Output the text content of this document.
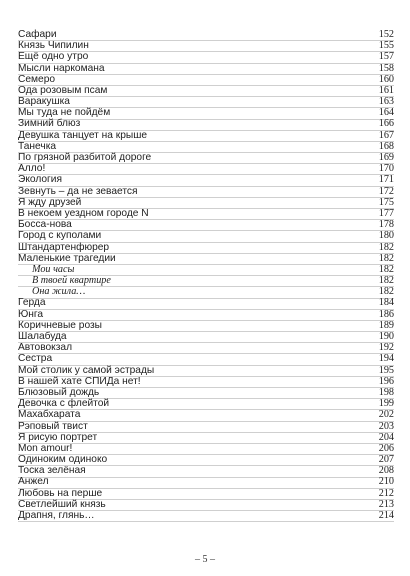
Сафари	152
Князь Чипилин	155
Ещё одно утро	157
Мысли наркомана	158
Семеро	160
Ода розовым псам	161
Варакушка	163
Мы туда не пойдём	164
Зимний блюз	166
Девушка танцует на крыше	167
Танечка	168
По грязной разбитой дороге	169
Алло!	170
Экология	171
Зевнуть – да не зевается	172
Я жду друзей	175
В некоем уездном городе N	177
Босса-нова	178
Город с куполами	180
Штандартенфюрер	182
Маленькие трагедии	182
Мои часы	182
В твоей квартире	182
Она жила…	182
Герда	184
Юнга	186
Коричневые розы	189
Шалабуда	190
Автовокзал	192
Сестра	194
Мой столик у самой эстрады	195
В нашей хате СПИДа нет!	196
Блюзовый дождь	198
Девочка с флейтой	199
Махабхарата	202
Рэповый твист	203
Я рисую портрет	204
Mon amour!	206
Одиноким одиноко	207
Тоска зелёная	208
Анжел	210
Любовь на перше	212
Светлейший князь	213
Драпня, глянь…	214
– 5 –
